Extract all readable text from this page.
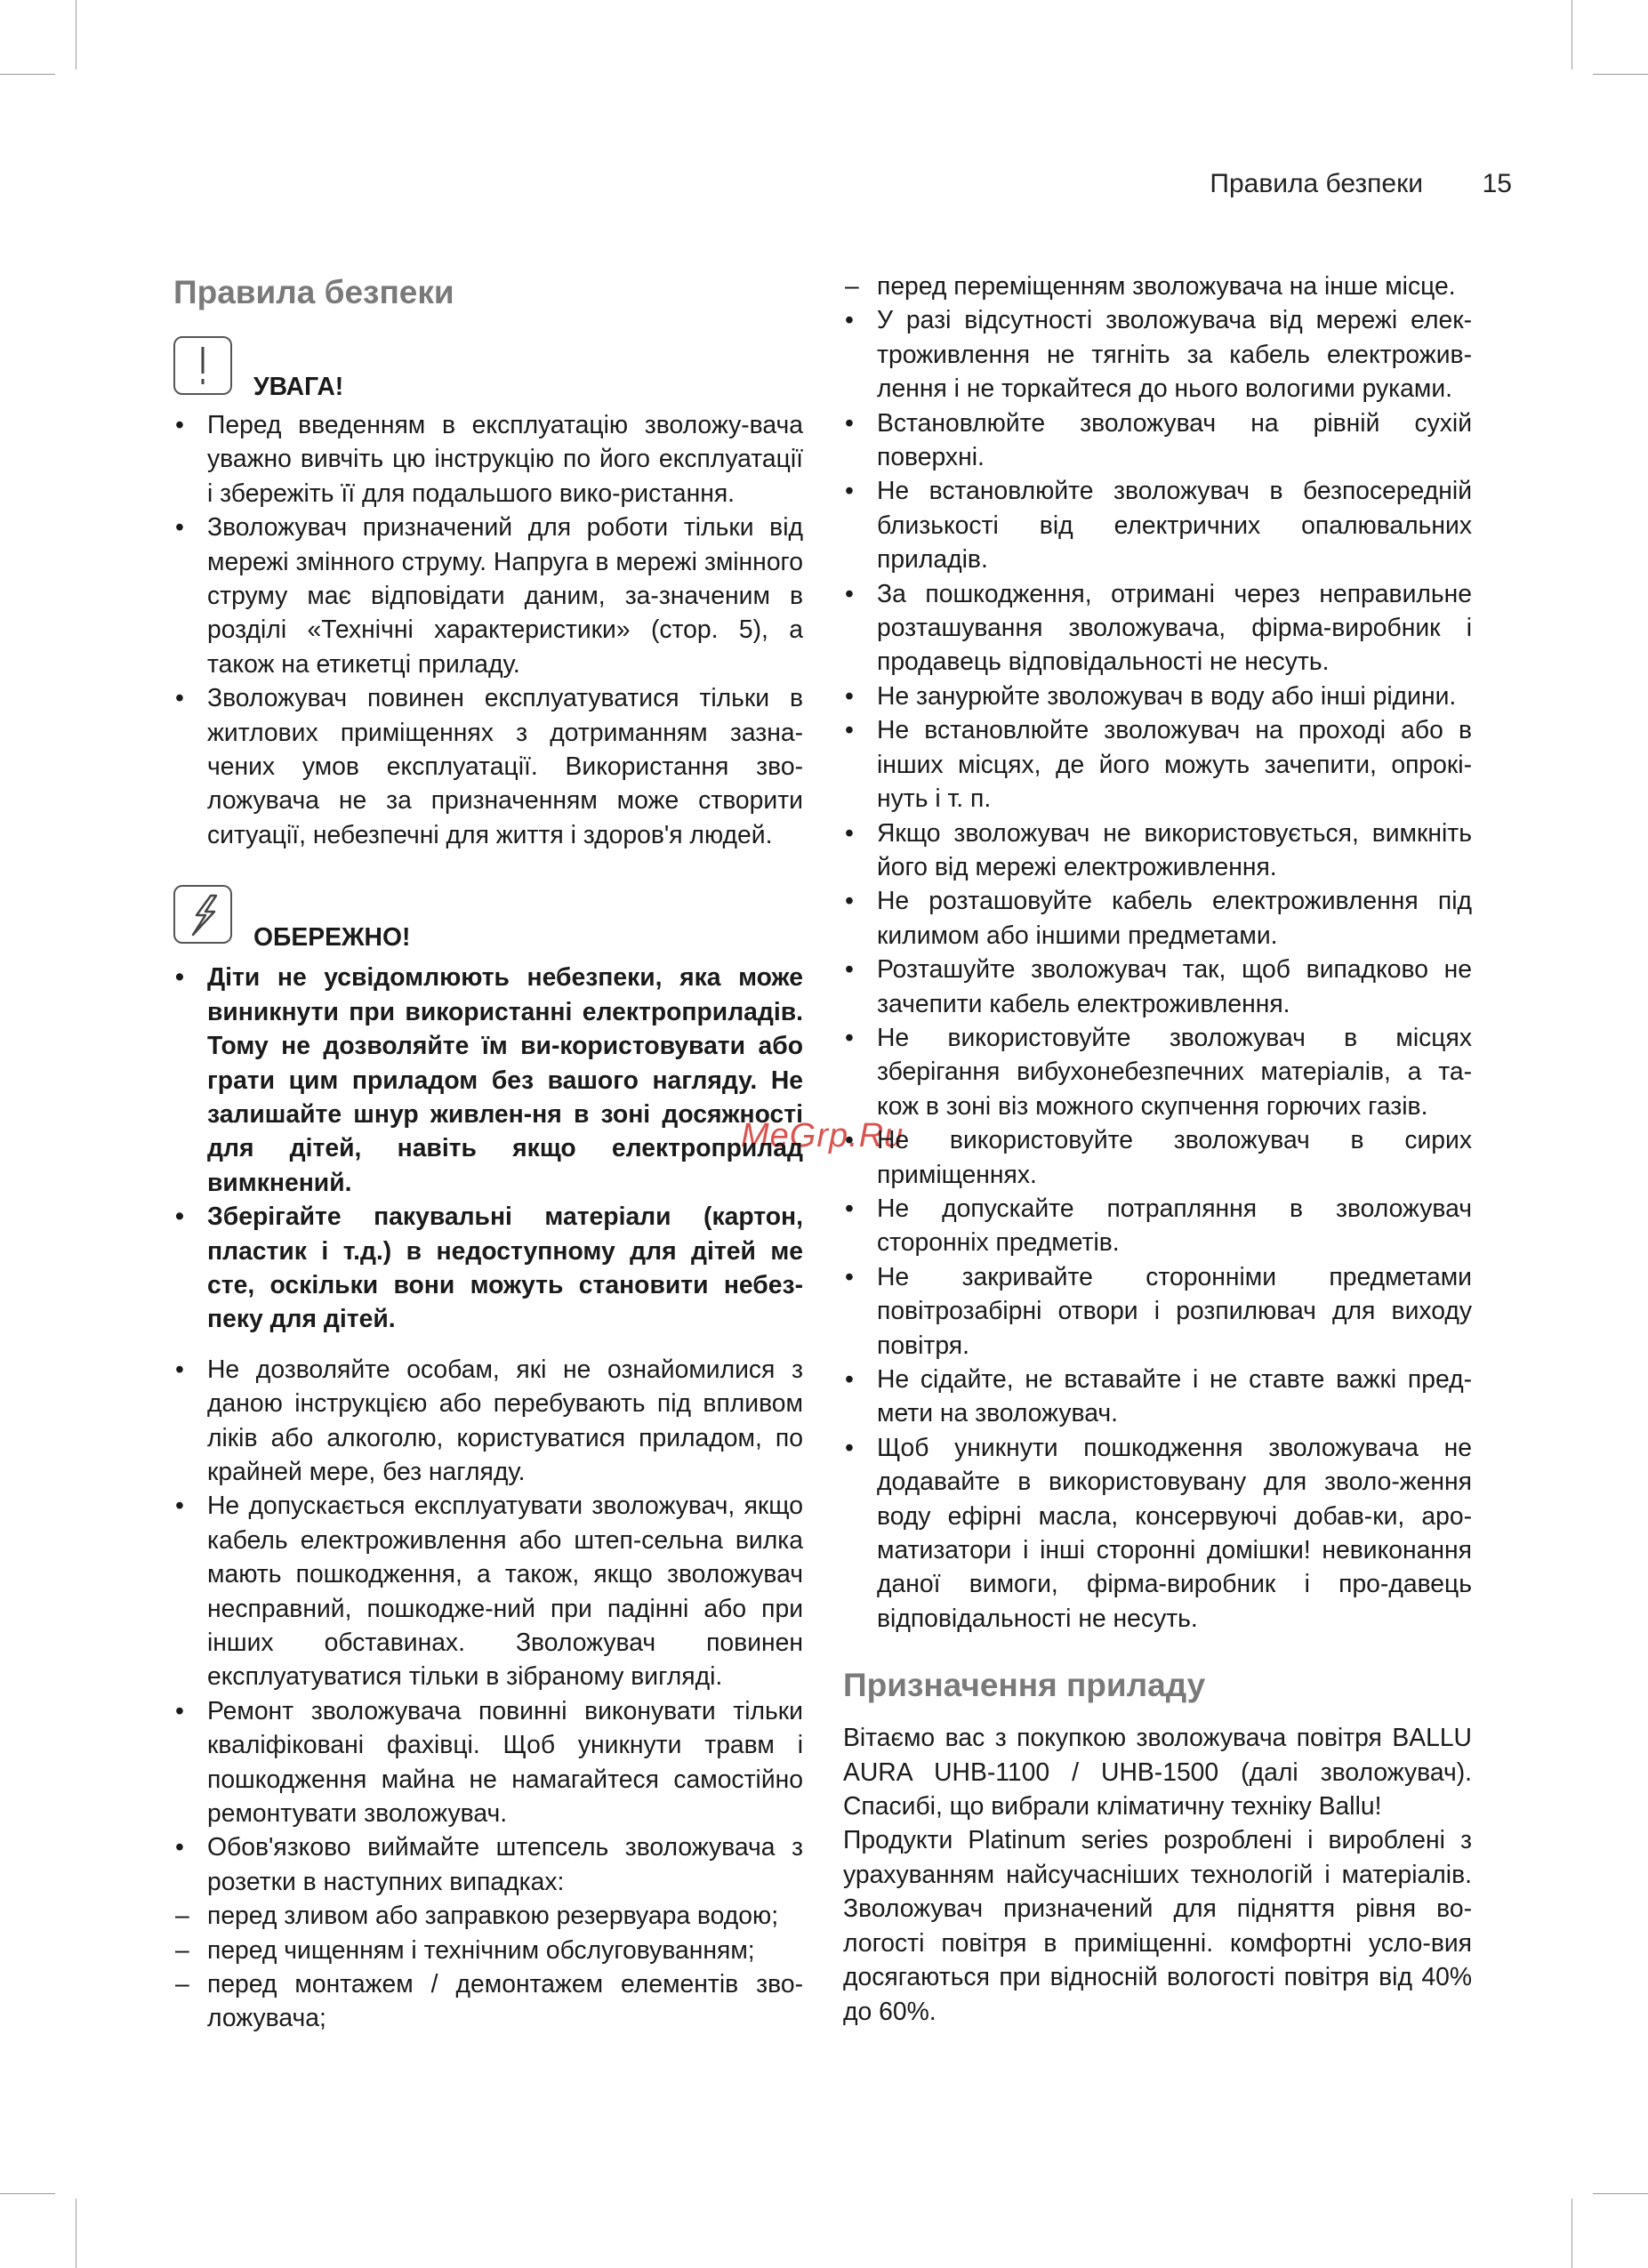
Правила безпеки 15
MeGrp.Ru
Правила безпеки
УВАГА!
• Перед введенням в експлуатацію зволожу-вача уважно вивчіть цю інструкцію по його експлуатації і збережіть її для подальшого вико-ристання.
• Зволожувач призначений для роботи тільки від мережі змінного струму. Напруга в мережі змінного струму має відповідати даним, за-значеним в розділі «Технічні характеристики» (стор. 5), а також на етикетці приладу.
• Зволожувач повинен експлуатуватися тільки в житлових приміщеннях з дотриманням зазна-чених умов експлуатації. Використання зво-ложувача не за призначенням може створити ситуації, небезпечні для життя і здоров'я людей.
ОБЕРЕЖНО!
• Діти не усвідомлюють небезпеки, яка може виникнути при використанні електроприладів. Тому не дозволяйте їм ви-користовувати або грати цим приладом без вашого нагляду. Не залишайте шнур живлен-ня в зоні досяжності для дітей, навіть якщо електроприлад вимкнений.
• Зберігайте пакувальні матеріали (картон, пластик і т.д.) в недоступному для дітей ме сте, оскільки вони можуть становити небез-пеку для дітей.
• Не дозволяйте особам, які не ознайомилися з даною інструкцією або перебувають під впливом ліків або алкоголю, користуватися приладом, по крайней мере, без нагляду.
• Не допускається експлуатувати зволожувач, якщо кабель електроживлення або штеп-сельна вилка мають пошкодження, а також, якщо зволожувач несправний, пошкодже-ний при падінні або при інших обставинах. Зволожувач повинен експлуатуватися тільки в зібраному вигляді.
• Ремонт зволожувача повинні виконувати тільки кваліфіковані фахівці. Щоб уникнути травм і пошкодження майна не намагайтеся самостійно ремонтувати зволожувач.
• Обов'язково виймайте штепсель зволожувача з розетки в наступних випадках:
– перед зливом або заправкою резервуара водою;
– перед чищенням і технічним обслуговуванням;
– перед монтажем / демонтажем елементів зво-ложувача;
– перед переміщенням зволожувача на інше місце.
• У разі відсутності зволожувача від мережі елек-троживлення не тягніть за кабель електрожив-лення і не торкайтеся до нього вологими руками.
• Встановлюйте зволожувач на рівній сухій поверхні.
• Не встановлюйте зволожувач в безпосередній близькості від електричних опалювальних приладів.
• За пошкодження, отримані через неправильне розташування зволожувача, фірма-виробник і продавець відповідальності не несуть.
• Не занурюйте зволожувач в воду або інші рідини.
• Не встановлюйте зволожувач на проході або в інших місцях, де його можуть зачепити, опрокі-нуть і т. п.
• Якщо зволожувач не використовується, вимкніть його від мережі електроживлення.
• Не розташовуйте кабель електроживлення під килимом або іншими предметами.
• Розташуйте зволожувач так, щоб випадково не зачепити кабель електроживлення.
• Не використовуйте зволожувач в місцях зберігання вибухонебезпечних матеріалів, а та-кож в зоні віз можного скупчення горючих газів.
• Не використовуйте зволожувач в сирих приміщеннях.
• Не допускайте потрапляння в зволожувач сторонніх предметів.
• Не закривайте сторонніми предметами повітрозабірні отвори і розпилювач для виходу повітря.
• Не сідайте, не вставайте і не ставте важкі пред-мети на зволожувач.
• Щоб уникнути пошкодження зволожувача не додавайте в використовувану для зволо-ження воду ефірні масла, консервуючі добав-ки, аро- матизатори і інші сторонні домішки! невиконання даної вимоги, фірма-виробник і про-давець відповідальності не несуть.
Призначення приладу

Вітаємо вас з покупкою зволожувача повітря BALLU AURA UHB-1100 / UHB-1500 (далі зволожувач). Спасибі, що вибрали кліматичну техніку Ballu!

Продукти Platinum series розроблені і вироблені з урахуванням найсучасніших технологій і матеріалів. Зволожувач призначений для підняття рівня во-логості повітря в приміщенні. комфортні усло-вия досягаються при відносній вологості повітря від 40% до 60%.
